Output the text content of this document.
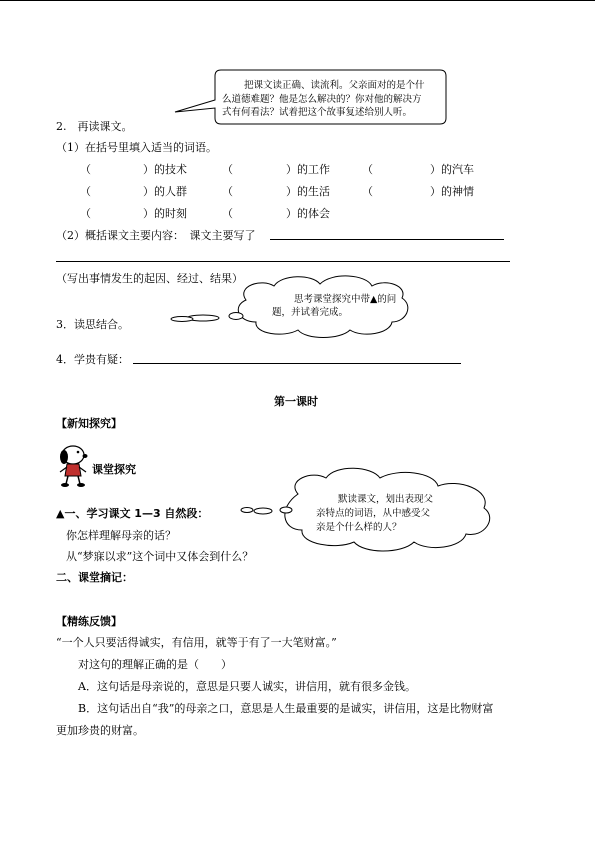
把课文读正确、读流利。父亲面对的是个什
么道德难题？他是怎么解决的？你对他的解决方
式有何看法？试着把这个故事复述给别人听。
2.　再读课文。
（1）在括号里填入适当的词语。
（	）的技术	（	）的工作	（	）的汽车
（	）的人群	（	）的生活	（	）的神情
（	）的时刻	（	）的体会
（2）概括课文主要内容：　课文主要写了
（写出事情发生的起因、经过、结果）
思考课堂探究中带▲的问
题，并试着完成。
3．读思结合。
4．学贵有疑：
第一课时
【新知探究】
课堂探究
默读课文，划出表现父
亲特点的词语，从中感受父
亲是个什么样的人？
▲一、学习课文 1—3 自然段：
你怎样理解母亲的话？
从“梦寐以求”这个词中又体会到什么？
二、课堂摘记：
【精练反馈】
“一个人只要活得诚实，有信用，就等于有了一大笔财富。”
对这句的理解正确的是（　　）
A．这句话是母亲说的，意思是只要人诚实，讲信用，就有很多金钱。
B．这句话出自“我”的母亲之口，意思是人生最重要的是诚实，讲信用，这是比物财富
更加珍贵的财富。
